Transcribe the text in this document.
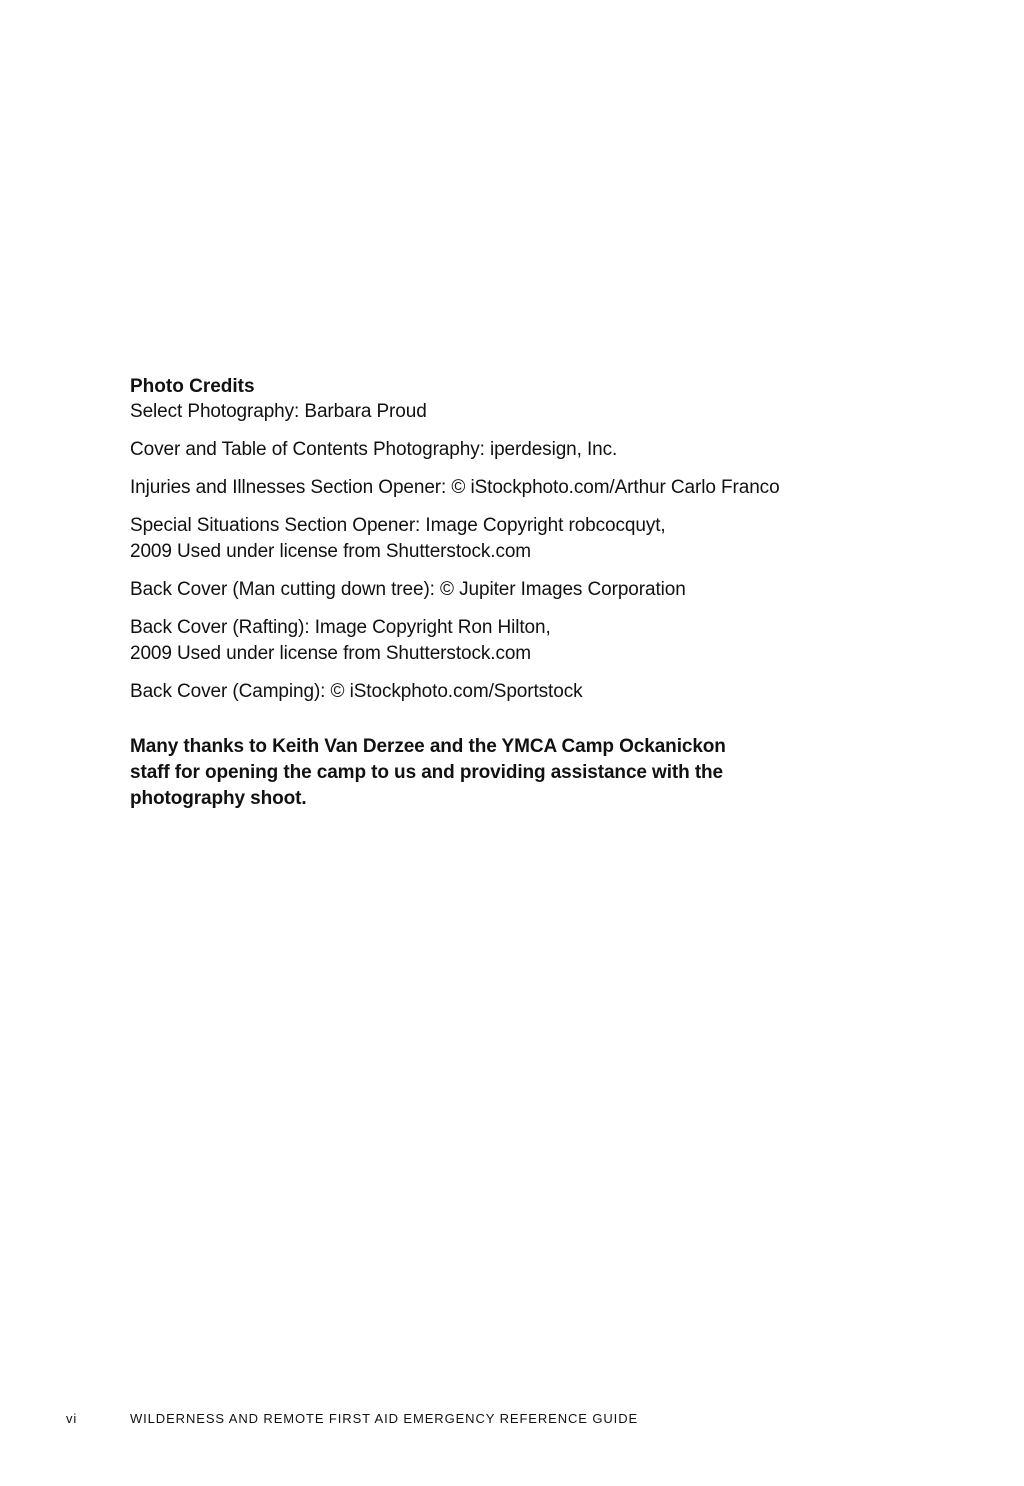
Photo Credits

Select Photography: Barbara Proud

Cover and Table of Contents Photography: iperdesign, Inc.

Injuries and Illnesses Section Opener: © iStockphoto.com/Arthur Carlo Franco

Special Situations Section Opener: Image Copyright robcocquyt,
2009 Used under license from Shutterstock.com

Back Cover (Man cutting down tree): © Jupiter Images Corporation

Back Cover (Rafting): Image Copyright Ron Hilton,
2009 Used under license from Shutterstock.com

Back Cover (Camping): © iStockphoto.com/Sportstock

Many thanks to Keith Van Derzee and the YMCA Camp Ockanickon
staff for opening the camp to us and providing assistance with the
photography shoot.
vi	WILDERNESS AND REMOTE FIRST AID EMERGENCY REFERENCE GUIDE
